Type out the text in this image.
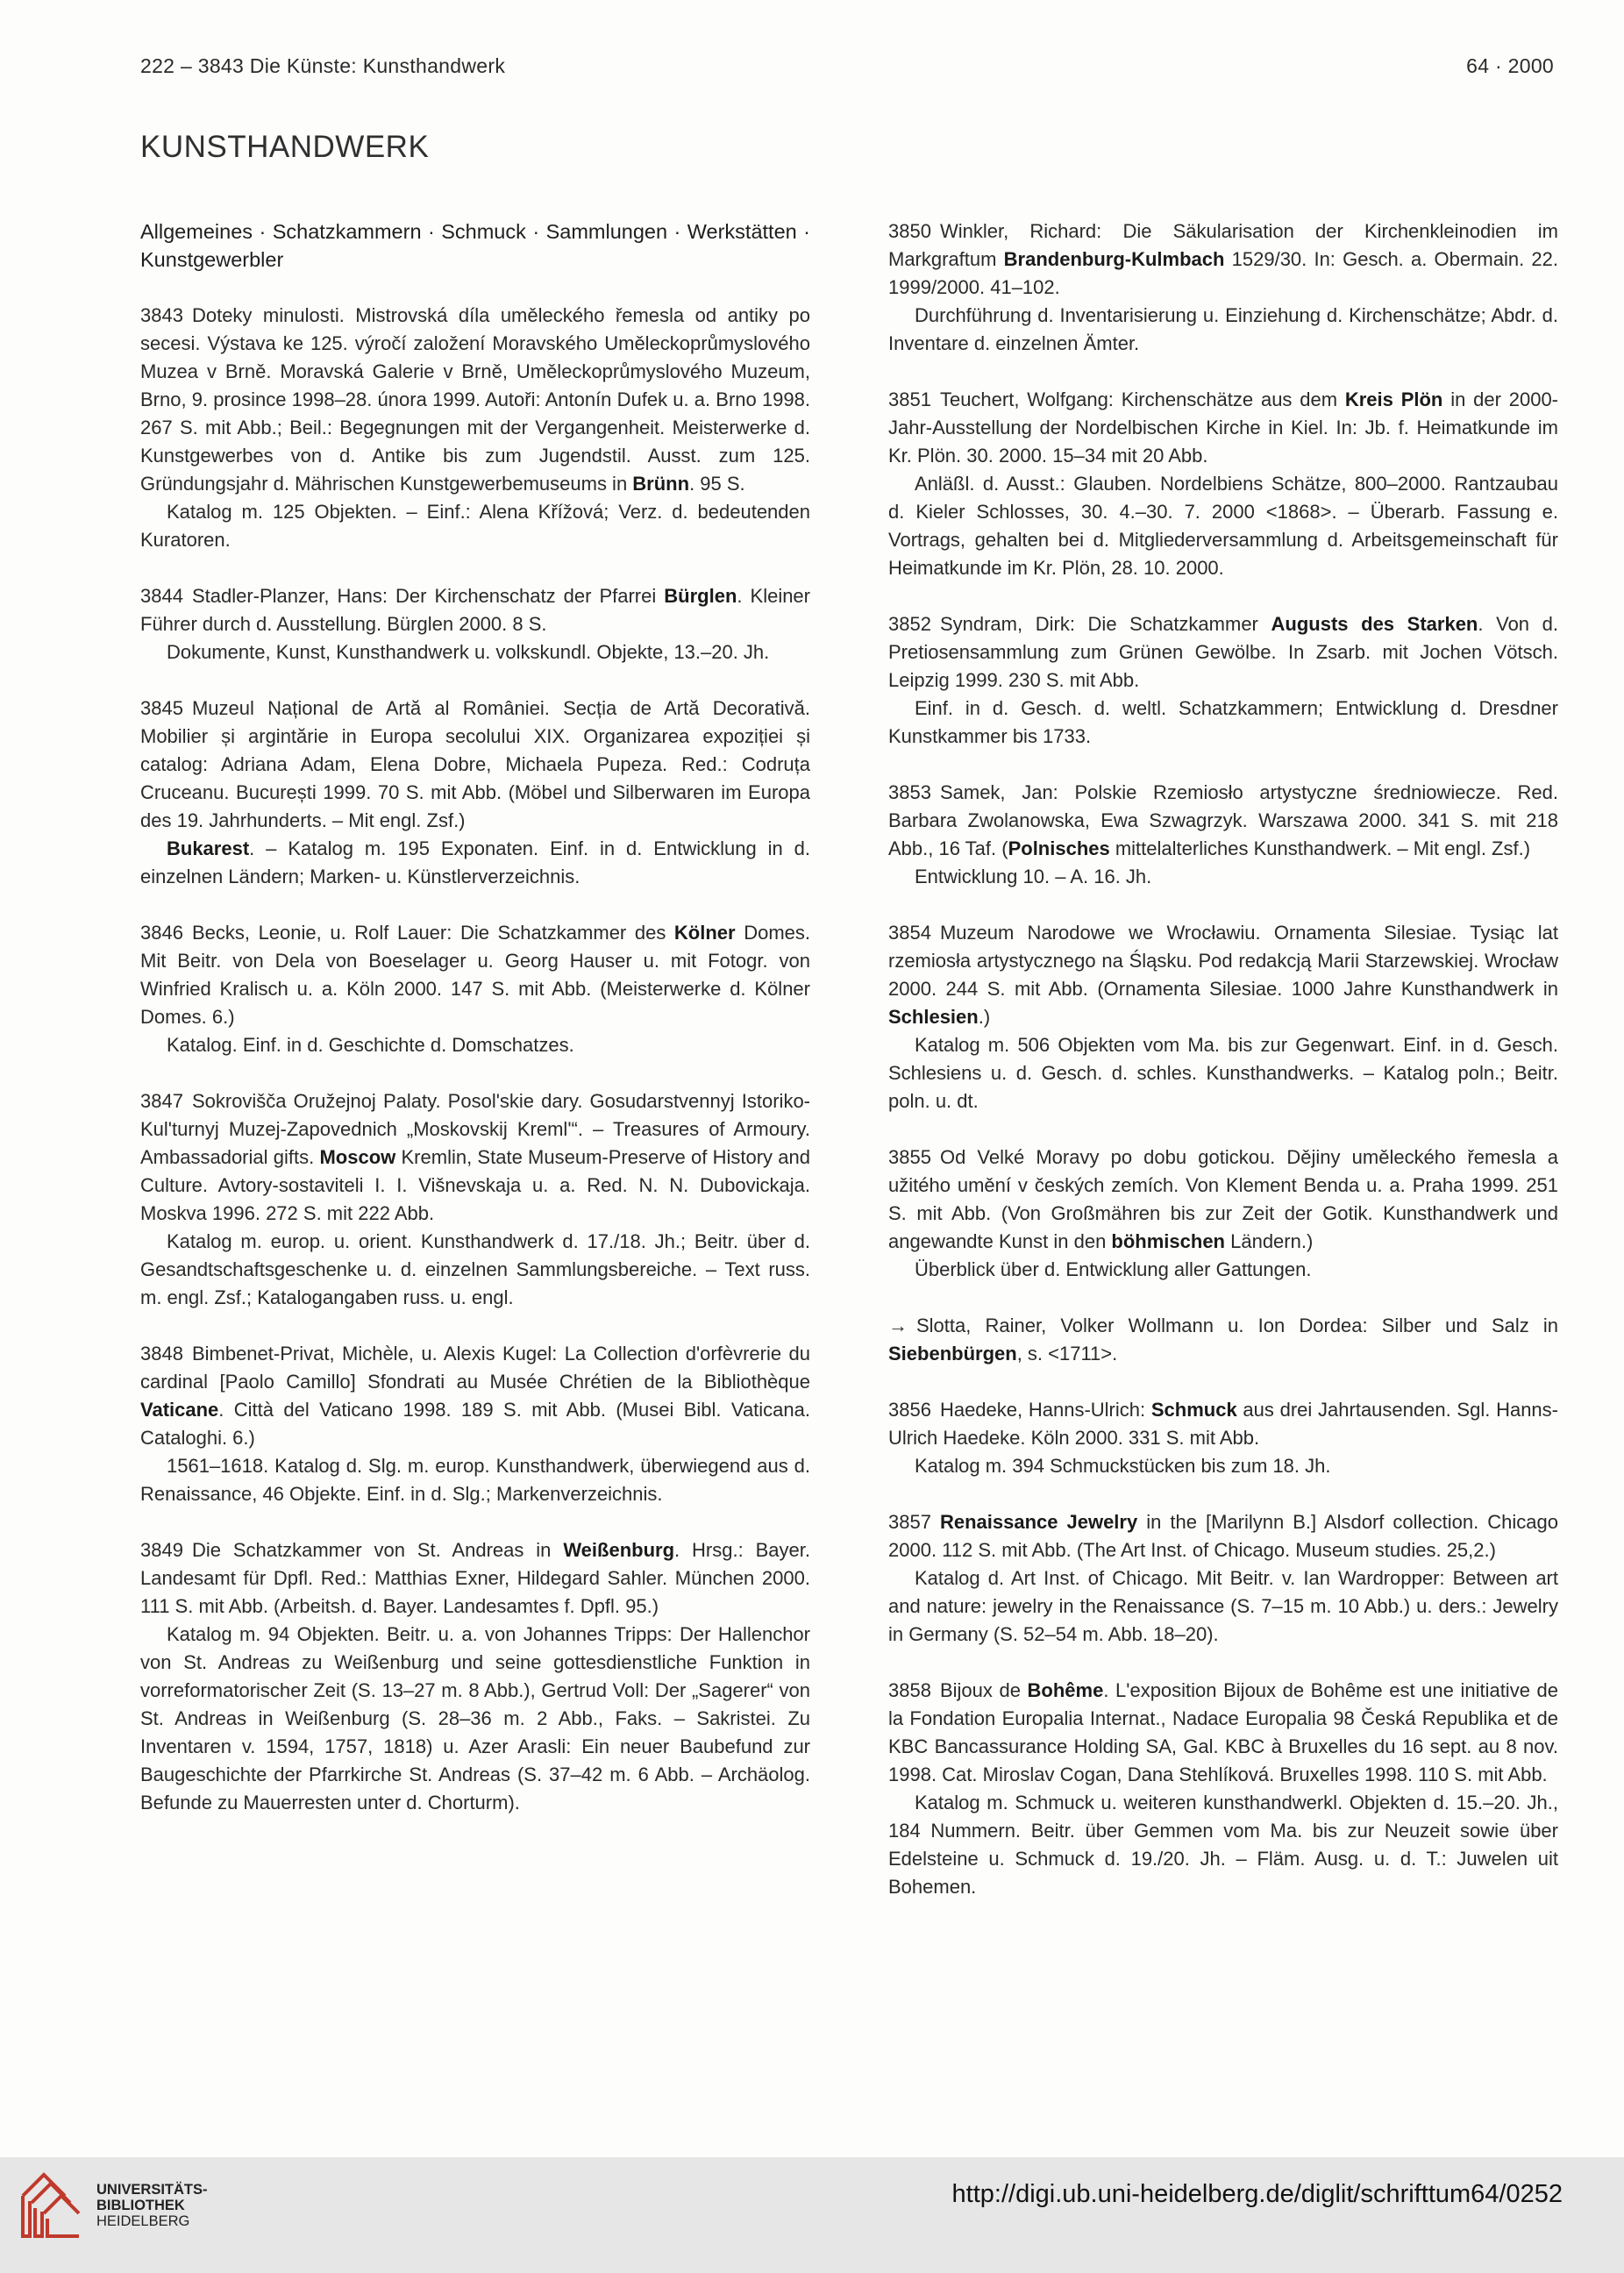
222 – 3843 Die Künste: Kunsthandwerk	64 · 2000
KUNSTHANDWERK
Allgemeines · Schatzkammern · Schmuck · Sammlungen · Werkstätten · Kunstgewerbler

3843 Doteky minulosti. Mistrovská díla uměleckého řemesla od antiky po secesi. Výstava ke 125. výročí založení Moravského Uměleckoprůmyslového Muzea v Brně. Moravská Galerie v Brně, Uměleckoprůmyslového Muzeum, Brno, 9. prosince 1998–28. února 1999. Autoři: Antonín Dufek u. a. Brno 1998. 267 S. mit Abb.; Beil.: Begegnungen mit der Vergangenheit. Meisterwerke d. Kunstgewerbes von d. Antike bis zum Jugendstil. Ausst. zum 125. Gründungsjahr d. Mährischen Kunstgewerbemuseums in Brünn. 95 S.

Katalog m. 125 Objekten. – Einf.: Alena Křížová; Verz. d. bedeutenden Kuratoren.

3844 Stadler-Planzer, Hans: Der Kirchenschatz der Pfarrei Bürglen. Kleiner Führer durch d. Ausstellung. Bürglen 2000. 8 S.

Dokumente, Kunst, Kunsthandwerk u. volkskundl. Objekte, 13.–20. Jh.

3845 Muzeul Național de Artă al României. Secția de Artă Decorativă. Mobilier și argintărie in Europa secolului XIX. Organizarea expoziției și catalog: Adriana Adam, Elena Dobre, Michaela Pupeza. Red.: Codruța Cruceanu. București 1999. 70 S. mit Abb. (Möbel und Silberwaren im Europa des 19. Jahrhunderts. – Mit engl. Zsf.)

Bukarest. – Katalog m. 195 Exponaten. Einf. in d. Entwicklung in d. einzelnen Ländern; Marken- u. Künstlerverzeichnis.

3846 Becks, Leonie, u. Rolf Lauer: Die Schatzkammer des Kölner Domes. Mit Beitr. von Dela von Boeselager u. Georg Hauser u. mit Fotogr. von Winfried Kralisch u. a. Köln 2000. 147 S. mit Abb. (Meisterwerke d. Kölner Domes. 6.)

Katalog. Einf. in d. Geschichte d. Domschatzes.

3847 Sokrovišča Oružejnoj Palaty. Posol'skie dary. Gosudarstvennyj Istoriko-Kul'turnyj Muzej-Zapovednich „Moskovskij Kreml'“. – Treasures of Armoury. Ambassadorial gifts. Moscow Kremlin, State Museum-Preserve of History and Culture. Avtory-sostaviteli I. I. Višnevskaja u. a. Red. N. N. Dubovickaja. Moskva 1996. 272 S. mit 222 Abb.

Katalog m. europ. u. orient. Kunsthandwerk d. 17./18. Jh.; Beitr. über d. Gesandtschaftsgeschenke u. d. einzelnen Sammlungsbereiche. – Text russ. m. engl. Zsf.; Katalogangaben russ. u. engl.

3848 Bimbenet-Privat, Michèle, u. Alexis Kugel: La Collection d'orfèvrerie du cardinal [Paolo Camillo] Sfondrati au Musée Chrétien de la Bibliothèque Vaticane. Città del Vaticano 1998. 189 S. mit Abb. (Musei Bibl. Vaticana. Cataloghi. 6.)

1561–1618. Katalog d. Slg. m. europ. Kunsthandwerk, überwiegend aus d. Renaissance, 46 Objekte. Einf. in d. Slg.; Markenverzeichnis.

3849 Die Schatzkammer von St. Andreas in Weißenburg. Hrsg.: Bayer. Landesamt für Dpfl. Red.: Matthias Exner, Hildegard Sahler. München 2000. 111 S. mit Abb. (Arbeitsh. d. Bayer. Landesamtes f. Dpfl. 95.)

Katalog m. 94 Objekten. Beitr. u. a. von Johannes Tripps: Der Hallenchor von St. Andreas zu Weißenburg und seine gottesdienstliche Funktion in vorreformatorischer Zeit (S. 13–27 m. 8 Abb.), Gertrud Voll: Der „Sagerer“ von St. Andreas in Weißenburg (S. 28–36 m. 2 Abb., Faks. – Sakristei. Zu Inventaren v. 1594, 1757, 1818) u. Azer Arasli: Ein neuer Baubefund zur Baugeschichte der Pfarrkirche St. Andreas (S. 37–42 m. 6 Abb. – Archäolog. Befunde zu Mauerresten unter d. Chorturm).

3850 Winkler, Richard: Die Säkularisation der Kirchenkleinodien im Markgraftum Brandenburg-Kulmbach 1529/30. In: Gesch. a. Obermain. 22. 1999/2000. 41–102.

Durchführung d. Inventarisierung u. Einziehung d. Kirchenschätze; Abdr. d. Inventare d. einzelnen Ämter.

3851 Teuchert, Wolfgang: Kirchenschätze aus dem Kreis Plön in der 2000-Jahr-Ausstellung der Nordelbischen Kirche in Kiel. In: Jb. f. Heimatkunde im Kr. Plön. 30. 2000. 15–34 mit 20 Abb.

Anläßl. d. Ausst.: Glauben. Nordelbiens Schätze, 800–2000. Rantzaubau d. Kieler Schlosses, 30. 4.–30. 7. 2000 <1868>. – Überarb. Fassung e. Vortrags, gehalten bei d. Mitgliederversammlung d. Arbeitsgemeinschaft für Heimatkunde im Kr. Plön, 28. 10. 2000.

3852 Syndram, Dirk: Die Schatzkammer Augusts des Starken. Von d. Pretiosensammlung zum Grünen Gewölbe. In Zsarb. mit Jochen Vötsch. Leipzig 1999. 230 S. mit Abb.

Einf. in d. Gesch. d. weltl. Schatzkammern; Entwicklung d. Dresdner Kunstkammer bis 1733.

3853 Samek, Jan: Polskie Rzemiosło artystyczne średniowiecze. Red. Barbara Zwolanowska, Ewa Szwagrzyk. Warszawa 2000. 341 S. mit 218 Abb., 16 Taf. (Polnisches mittelalterliches Kunsthandwerk. – Mit engl. Zsf.)

Entwicklung 10. – A. 16. Jh.

3854 Muzeum Narodowe we Wrocławiu. Ornamenta Silesiae. Tysiąc lat rzemiosła artystycznego na Śląsku. Pod redakcją Marii Starzewskiej. Wrocław 2000. 244 S. mit Abb. (Ornamenta Silesiae. 1000 Jahre Kunsthandwerk in Schlesien.)

Katalog m. 506 Objekten vom Ma. bis zur Gegenwart. Einf. in d. Gesch. Schlesiens u. d. Gesch. d. schles. Kunsthandwerks. – Katalog poln.; Beitr. poln. u. dt.

3855 Od Velké Moravy po dobu gotickou. Dějiny uměleckého řemesla a užitého umění v českých zemích. Von Klement Benda u. a. Praha 1999. 251 S. mit Abb. (Von Großmähren bis zur Zeit der Gotik. Kunsthandwerk und angewandte Kunst in den böhmischen Ländern.)

Überblick über d. Entwicklung aller Gattungen.

→ Slotta, Rainer, Volker Wollmann u. Ion Dordea: Silber und Salz in Siebenbürgen, s. <1711>.

3856 Haedeke, Hanns-Ulrich: Schmuck aus drei Jahrtausenden. Sgl. Hanns-Ulrich Haedeke. Köln 2000. 331 S. mit Abb.

Katalog m. 394 Schmuckstücken bis zum 18. Jh.

3857 Renaissance Jewelry in the [Marilynn B.] Alsdorf collection. Chicago 2000. 112 S. mit Abb. (The Art Inst. of Chicago. Museum studies. 25,2.)

Katalog d. Art Inst. of Chicago. Mit Beitr. v. Ian Wardropper: Between art and nature: jewelry in the Renaissance (S. 7–15 m. 10 Abb.) u. ders.: Jewelry in Germany (S. 52–54 m. Abb. 18–20).

3858 Bijoux de Bohême. L'exposition Bijoux de Bohême est une initiative de la Fondation Europalia Internat., Nadace Europalia 98 Česká Republika et de KBC Bancassurance Holding SA, Gal. KBC à Bruxelles du 16 sept. au 8 nov. 1998. Cat. Miroslav Cogan, Dana Stehlíková. Bruxelles 1998. 110 S. mit Abb.

Katalog m. Schmuck u. weiteren kunsthandwerkl. Objekten d. 15.–20. Jh., 184 Nummern. Beitr. über Gemmen vom Ma. bis zur Neuzeit sowie über Edelsteine u. Schmuck d. 19./20. Jh. – Fläm. Ausg. u. d. T.: Juwelen uit Bohemen.

UNIVERSITÄTS-
BIBLIOTHEK
HEIDELBERG
http://digi.ub.uni-heidelberg.de/diglit/schrifttum64/0252
